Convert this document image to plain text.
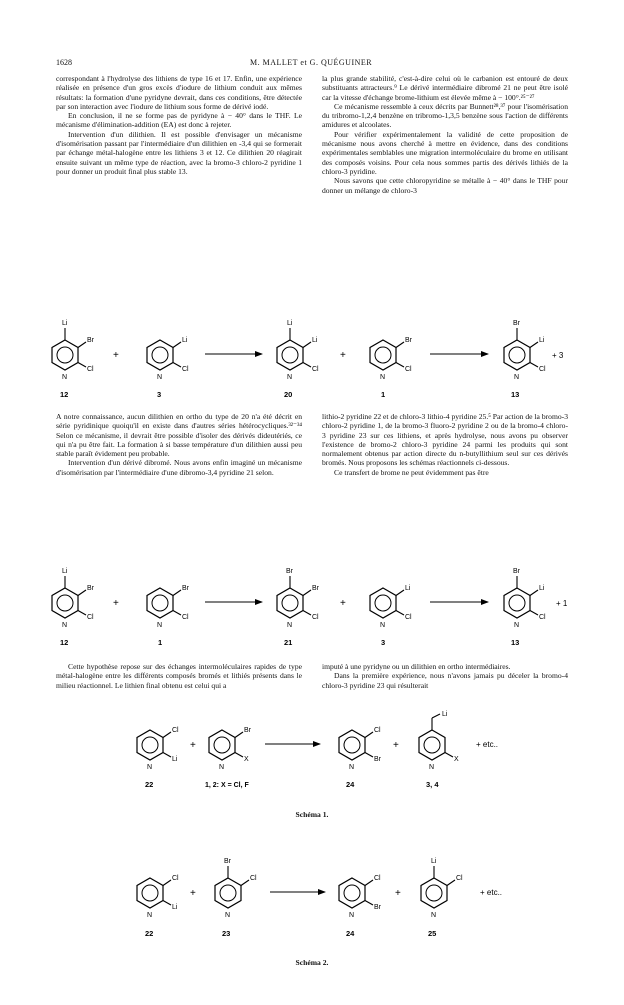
1628	M. MALLET et G. QUÉGUINER

correspondant à l'hydrolyse des lithiens de type 16 et 17. Enfin, une expérience réalisée en présence d'un gros excès d'iodure de lithium conduit aux mêmes résultats: la formation d'une pyridyne devrait, dans ces conditions, être détectée par son interaction avec l'iodure de lithium sous forme de dérivé iodé.

En conclusion, il ne se forme pas de pyridyne à − 40° dans le THF. Le mécanisme d'élimination-addition (EA) est donc à rejeter.

Intervention d'un dilithien. Il est possible d'envisager un mécanisme d'isomérisation passant par l'intermédiaire d'un dilithien en -3,4 qui se formerait par échange métal-halogène entre les lithiens 3 et 12. Ce dilithien 20 réagirait ensuite suivant un même type de réaction, avec la bromo-3 chloro-2 pyridine 1 pour donner un produit final plus stable 13.

la plus grande stabilité, c'est-à-dire celui où le carbanion est entouré de deux substituants attracteurs.⁹ Le dérivé intermédiaire dibromé 21 ne peut être isolé car la vitesse d'échange brome-lithium est élevée même à − 100°.²⁵⁻²⁷

Ce mécanisme ressemble à ceux décrits par Bunnett²⁸,³⁷ pour l'isomérisation du tribromo-1,2,4 benzène en tribromo-1,3,5 benzène sous l'action de différents amidures et alcoolates.

Pour vérifier expérimentalement la validité de cette proposition de mécanisme nous avons cherché à mettre en évidence, dans des conditions expérimentales semblables une migration intermoléculaire du brome en utilisant des composés voisins. Pour cela nous sommes partis des dérivés lithiés de la chloro-3 pyridine.

Nous savons que cette chloropyridine se métalle à − 40° dans le THF pour donner un mélange de chloro-3

Li
Br
Cl
N
12
+
Li
Cl
N
3
Li
Li
Cl
N
20
+
Br
Cl
N
1
Br
Li
Cl
N
13
+ 3

A notre connaissance, aucun dilithien en ortho du type de 20 n'a été décrit en série pyridinique quoiqu'il en existe dans d'autres séries hétérocycliques.³²⁻³⁴ Selon ce mécanisme, il devrait être possible d'isoler des dérivés dideutériés, ce qui n'a pu être fait. La formation à si basse température d'un dilithien aussi peu stable paraît évidement peu probable.

Intervention d'un dérivé dibromé. Nous avons enfin imaginé un mécanisme d'isomérisation par l'intermédiaire d'une dibromo-3,4 pyridine 21 selon.

lithio-2 pyridine 22 et de chloro-3 lithio-4 pyridine 25.⁵ Par action de la bromo-3 chloro-2 pyridine 1, de la bromo-3 fluoro-2 pyridine 2 ou de la bromo-4 chloro-3 pyridine 23 sur ces lithiens, et après hydrolyse, nous avons pu observer l'existence de bromo-2 chloro-3 pyridine 24 parmi les produits qui sont normalement obtenus par action directe du n-butyllithium seul sur ces dérivés bromés. Nous proposons les schémas réactionnels ci-dessous.

Ce transfert de brome ne peut évidemment pas être

Li
Br
Cl
N
12
+
Br
Cl
N
1
Br
Br
Cl
N
21
+
Li
Cl
N
3
Br
Li
Cl
N
13
+ 1

Cette hypothèse repose sur des échanges intermoléculaires rapides de type métal-halogène entre les différents composés bromés et lithiés présents dans le milieu réactionnel. Le lithien final obtenu est celui qui a

imputé à une pyridyne ou un dilithien en ortho intermédiaires.

Dans la première expérience, nous n'avons jamais pu déceler la bromo-4 chloro-3 pyridine 23 qui résulterait

Cl
Li
N
22
+
Br
X
N
1, 2: X = Cl, F
Cl
Br
N
24
+
Li
X
N
3, 4
+ etc..
Schéma 1.
Cl
Li
N
22
+
Br
Cl
N
23
Cl
Br
N
24
+
Li
Cl
N
25
+ etc..
Schéma 2.
